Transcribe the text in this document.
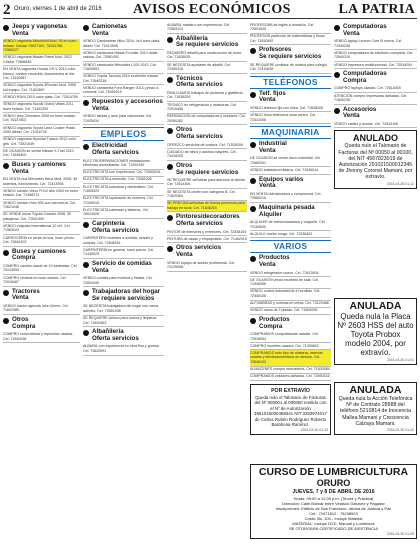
2 Oruro, viernes 1 de abril de 2016 AVISOS ECONÓMICOS	LA PATRIA
Jeeps y vagonetas
Venta
VENDO vagoneta Mitsubishi Mod. 95 en buen estado. Celular 73837163, 75204758, 72580227
VENDO vagoneta Nissan Patrol Mod. 2012. Celular 77686845
EN VENTA vagoneta Honda CR-V 2012 color blanco, mínimo recorrido, documentos al día. Cel. 71610987
VENDO vagoneta Toyota 4Runner Mod. 2008 full equipo. Cel. 71824567
VENDO RAV4 2010 color plata. Cel. 72514789
VENDO vagoneta Suzuki Grand Vitara 2011 buen estado. Cel. 71452390
VENDO jeep Cherokee 2008 en buen estado. Cel. 76147802
VENDO vagoneta Toyota Land Cruiser Prado 2009 diésel. Cel. 72416730
VENDO vagoneta Hyundai Tucson 2012 color gris. Cel. 73521049
DE OCASIÓN se vende Nissan X-Trail 2010. Cel. 71836402
Buses y camiones
Venta
EN VENTA bus Mercedes Benz Mod. 2005, 45 asientos, funcionando. Cel. 72413908
VENDO camión Volvo FH12 año 2003 en buen estado. Cel. 71458273
VENDO camión Hino 500 con carrocería. Cel. 73621048
SE VENDE micro Toyota Coaster 2008, 30 pasajeros. Cel. 72541390
VENDO volqueta International 12 m3. Cel. 71563024
CARROCERÍA en venta de bus, buen precio. Cel. 72849103
Buses y camiones
Compra
COMPRO camión usado de 10 toneladas. Cel. 76134590
COMPRO minibús en buen estado. Cel. 72016487
Tractores
Venta
VENDO tractor agrícola John Deere. Cel. 71602385
Otros
Compra
COMPRO motocicletas y repuestos usados. Cel. 71540298
Camionetas
Venta
VENDO Camionetas Hilux 2016, 4x4 color plata, diésel. Cel. 72413508
VENDO camioneta Nissan Frontier 2014 doble cabina. Cel. 73581492
VENDO camioneta Mitsubishi L200 2012. Cel. 71825063
VENDO Toyota Tacoma 2010 excelente estado. Cel. 72640318
VENDO camioneta Ford Ranger 2013, precio a convenir. Cel. 76452019
Repuestos y accesorios
Venta
VENDO llantas y aros para camioneta. Cel. 71925034
EMPLEOS
Electricidad
Oferta servicios
ELECTROREPARACIONES instalaciones eléctricas domiciliarias. Cel. 71920345
ELECTRICISTA con experiencia. Cel. 72563018
ELECTRICISTA a domicilio. Cel. 73481206
ELECTRICISTA industrial y domiciliario. Cel. 71605923
ELECTRICISTA reparación de motores. Cel. 72349015
ELECTRICISTA cableado y tableros. Cel. 76513028
Carpintería
Oferta servicios
CARPINTERO muebles a medida, closets y cocinas. Cel. 72608314
CARPINTERÍA en general, buen precio. Cel. 71439025
Servicio de comidas
Venta
VENDO comida para eventos y fiestas. Cel. 72831049
Trabajadoras del hogar
Se requiere servicios
SE NECESITA trabajadora del hogar con cama adentro. Cel. 72561938
SE REQUIERE señora para cocina y limpieza. Cel. 71620483
Albañilería
Oferta servicios
ALBAÑIL con experiencia en obra fina y gruesa. Cel. 73620591
ALBAÑIL maestro con experiencia. Cel. 72563124
Albañilería
Se requiere servicios
REQUIERO albañil para construcción de muro. Cel. 71826035
SE NECESITA ayudante de albañil. Cel. 72450318
Técnicos
Oferta servicios
REALIZAMOS trabajos de plomería y gasfitería. Cel. 71638205
TÉCNICO en refrigeración y lavadoras. Cel. 72910456
REPARACIÓN de computadoras y celulares. Cel. 76350182
Otros
Oferta servicios
OFREZCO servicios de costura. Cel. 71528306
CUIDADO de niños y adultos mayores. Cel. 73418205
Otros
Se requiere servicios
SE REQUIERE señoritas para atención al cliente. Cel. 72614305
SE NECESITA chofer con categoría B. Cel. 71820364
SE PRECISA señoritas de buena presencia para trabajo en local. Cel. 71846203
Pintores/decoradores
Oferta servicios
PINTOR de interiores y exteriores. Cel. 72538104
PINTURA de casas y empapelado. Cel. 71462019
Otros servicios
Venta
VENDO equipo de sonido profesional. Cel. 73125068
PROFESORA de inglés a domicilio. Cel. 72601835
PROFESOR particular de matemáticas y física. Cel. 71830592
Profesores
Se requiere servicios
SE REQUIERE profesor de música para colegio. Cel. 72410638
TELÉFONOS
Telf. fijos
Venta
VENDO teléfono fijo con línea. Cel. 71638205
VENDO línea telefónica zona centro. Cel. 72514306
MAQUINARIA
Industrial
Venta
DE OCASIÓN se vende torno industrial. Cel. 72650341
VENDO soldadora trifásica. Cel. 71836014
Equipos varios
Venta
EN VENTA hidrolavadora y compresora. Cel. 73580216
Maquinaria pesada
Alquiler
ALQUILER de retroexcavadora y volqueta. Cel. 72184630
ALQUILO tractor oruga. Cel. 71538402
VARIOS
Productos
Venta
VENDO refrigerador nuevo. Cel. 72613504
DE OCASIÓN vendo muebles de sala. Cel. 71928305
VENDO cocina industrial de 4 hornillas. Cel. 72548106
ALFOMBRAS y cortinas en venta. Cel. 73120486
VENDO cama de 2 plazas. Cel. 71604928
Productos
Compra
COMPRAMOS computadoras usadas. Cel. 72518064
COMPRO muebles usados. Cel. 71430692
COMPRAMOS todo tipo de chatarra, baterías usadas y electrodomésticos en desuso. Cel. 72846103
ALMACENES compro mercadería. Cel. 71630584
COMPRAMOS celulares dañados. Cel. 72460315
Computadoras
Venta
VENDO laptop Lenovo Core i5 nueva. Cel. 71540236
VENDO computadora de escritorio completa. Cel. 72640319
VENDO impresora multifuncional. Cel. 73518204
Computadoras
Compra
COMPRO laptops usadas. Cel. 72618405
ATENCIÓN compro impresoras dañadas. Cel. 71840236
Accesorios
Venta
VENDO cables y mouse. Cel. 72543106
ANULADO
Queda nulo el Talonario de Facturas del Nº 00050 al 00100, del NIT 4567823019 de Autorización 291021500012345 de Jhonny Coronel Mamani, por extravío.
2016-03-28-01-12
ANULADA
Queda nula la Placa Nº 2603 HSS del auto Toyota Probox modelo 2004, por extravío.
2016-03-30-01-01
ANULADA
Queda nula la Acción Telefónica Nº de Contrato 28988 del teléfono 5210814 de Inocencia Mallea Mamani y Crescencia Calzaya Mamani.
2016-03-30-01-02
CURSO DE LUMBRICULTURA
ORURO
JUEVES, 7 y 8 DE ABRIL DE 2016
Horas: 09:00 a 12:00 p.m. (Teoría y Práctica)
Dirección: Calle Bolívar entre Velasco Galvarro y Pagador
Inscripciones: Edificio de San Francisco, oficina de Justicia y Paz
Cel.: 71671612 - 79238923
Costo: Bs. 100.- Incluye Material
MATERIAL: Incluye DVD, Manual y Lombrices
SE OTORGARÁ CERTIFICADO DE ASISTENCIA
2016-03-30-01-05
POR EXTRAVÍO
Queda nulo el Talonario de Facturas del Nº 000001 al 000050 emitido con el Nº de Autorización 3851016000468341 NIT 3293974017 de Carlos Rubén Rodríguez Roberto Barahona Ramírez.
2016-03-30-01-03
